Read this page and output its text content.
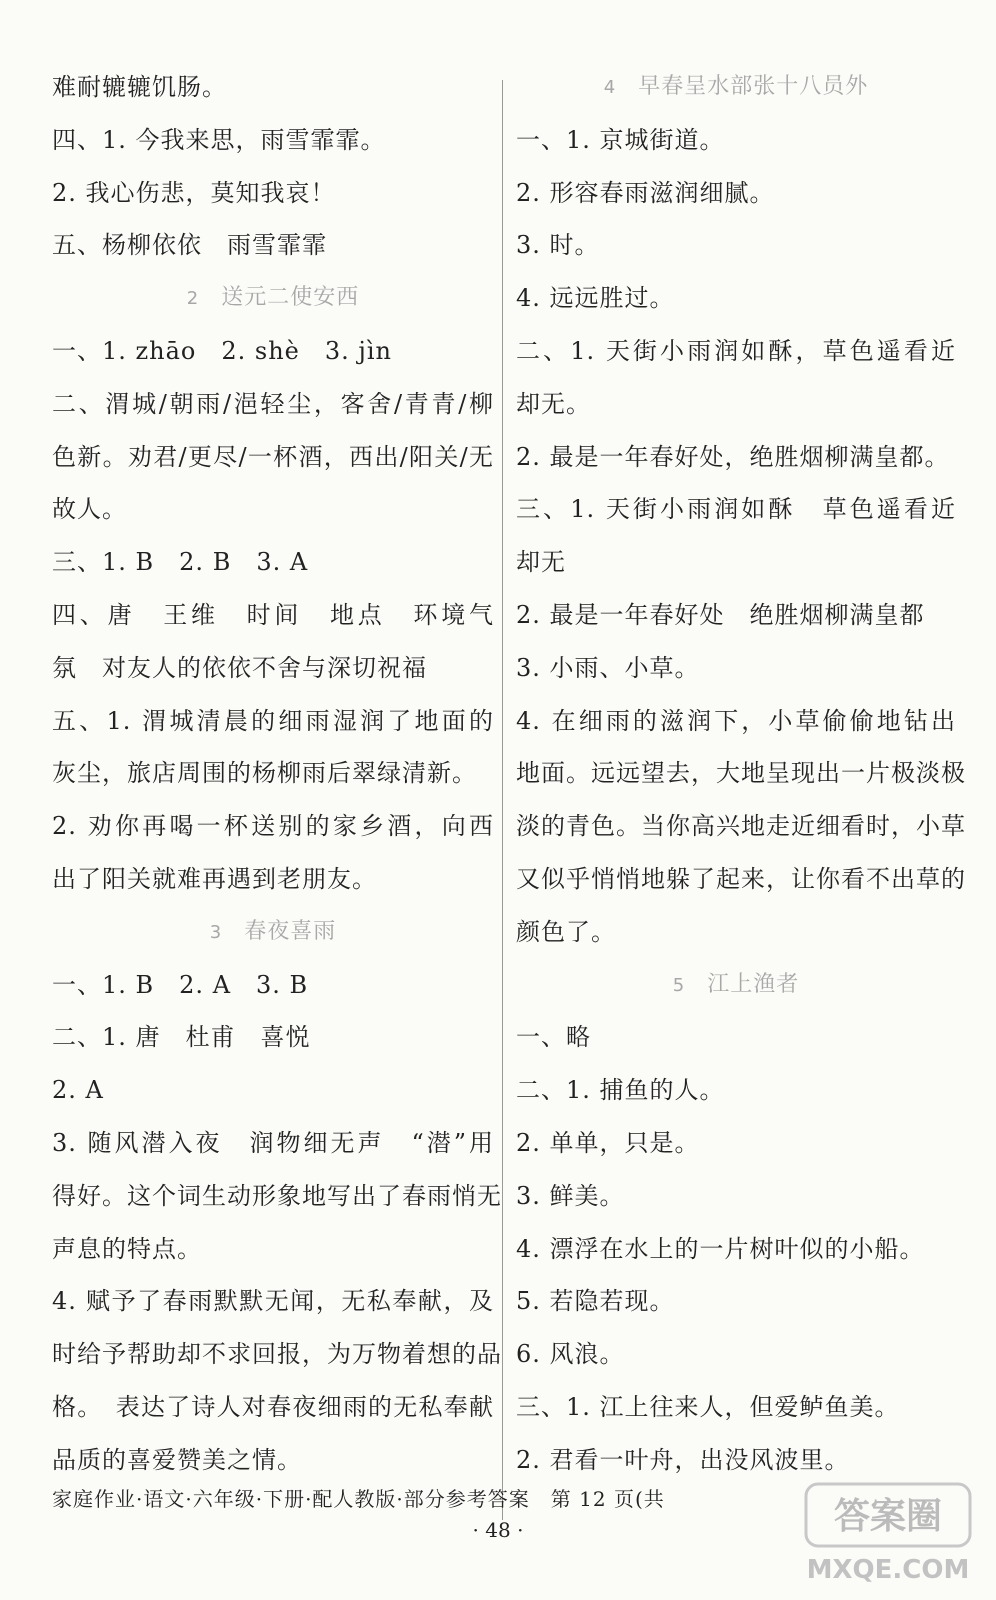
难耐辘辘饥肠。
四、1. 今我来思，雨雪霏霏。
2. 我心伤悲，莫知我哀！
五、杨柳依依　雨雪霏霏
2 送元二使安西
一、1. zhāo　2. shè　3. jìn
二、渭城/朝雨/浥轻尘，客舍/青青/柳
色新。劝君/更尽/一杯酒，西出/阳关/无
故人。
三、1. B　2. B　3. A
四、唐　王维　时间　地点　环境气
氛　对友人的依依不舍与深切祝福
五、1. 渭城清晨的细雨湿润了地面的
灰尘，旅店周围的杨柳雨后翠绿清新。
2. 劝你再喝一杯送别的家乡酒，向西
出了阳关就难再遇到老朋友。
3 春夜喜雨
一、1. B　2. A　3. B
二、1. 唐　杜甫　喜悦
2. A
3. 随风潜入夜　润物细无声　“潜”用
得好。这个词生动形象地写出了春雨悄无
声息的特点。
4. 赋予了春雨默默无闻，无私奉献，及
时给予帮助却不求回报，为万物着想的品
格。　表达了诗人对春夜细雨的无私奉献
品质的喜爱赞美之情。
4 早春呈水部张十八员外
一、1. 京城街道。
2. 形容春雨滋润细腻。
3. 时。
4. 远远胜过。
二、1. 天街小雨润如酥，草色遥看近
却无。
2. 最是一年春好处，绝胜烟柳满皇都。
三、1. 天街小雨润如酥　草色遥看近
却无
2. 最是一年春好处　绝胜烟柳满皇都
3. 小雨、小草。
4. 在细雨的滋润下，小草偷偷地钻出
地面。远远望去，大地呈现出一片极淡极
淡的青色。当你高兴地走近细看时，小草
又似乎悄悄地躲了起来，让你看不出草的
颜色了。
5 江上渔者
一、略
二、1. 捕鱼的人。
2. 单单，只是。
3. 鲜美。
4. 漂浮在水上的一片树叶似的小船。
5. 若隐若现。
6. 风浪。
三、1. 江上往来人，但爱鲈鱼美。
2. 君看一叶舟，出没风波里。
家庭作业·语文·六年级·下册·配人教版·部分参考答案　第 12 页(共
· 48 ·	答案圈
MXQE.COM
